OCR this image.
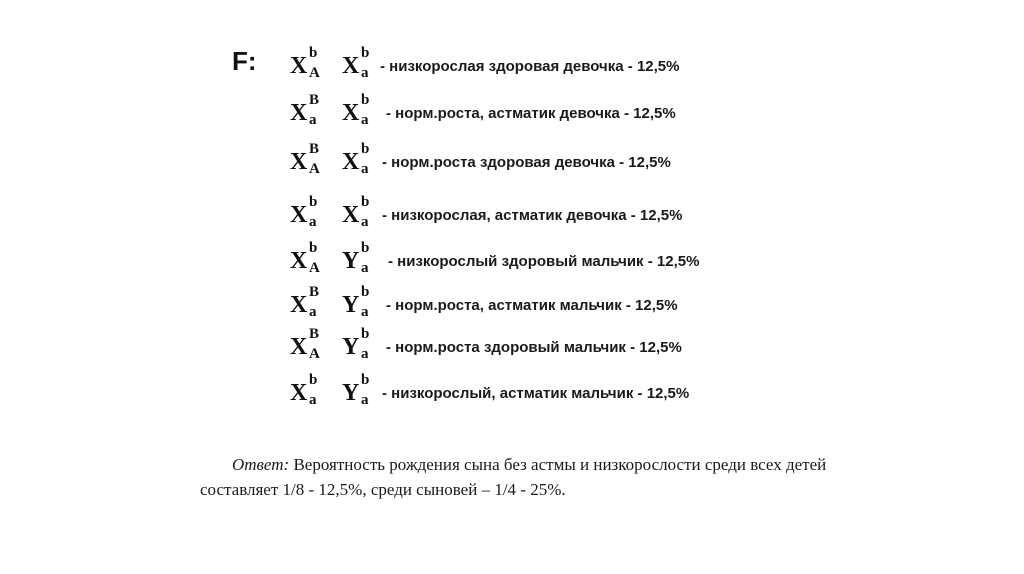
F: X b
A X b
a - низкорослая здоровая девочка - 12,5%
X B
a X b
a - норм.роста, астматик девочка - 12,5%
X B
A X b
a - норм.роста здоровая девочка - 12,5%
X b
a X b
a - низкорослая, астматик девочка - 12,5%
X b
A Y b
a - низкорослый здоровый мальчик - 12,5%
X B
a Y b
a - норм.роста, астматик мальчик - 12,5%
X B
A Y b
a - норм.роста здоровый мальчик - 12,5%
X b
a Y b
a - низкорослый, астматик мальчик - 12,5%
Ответ: Вероятность рождения сына без астмы и низкорослости среди всех детей составляет 1/8 - 12,5%, среди сыновей – 1/4 - 25%.
